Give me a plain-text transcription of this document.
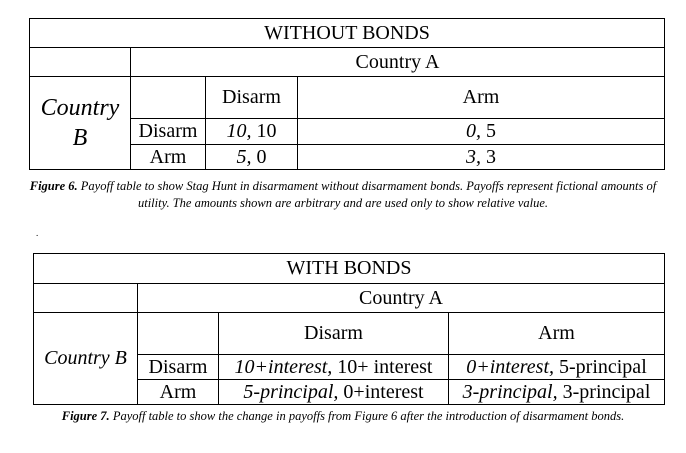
WITHOUT BONDS			
	Country A		

Country
B		Disarm	Arm
	Disarm	10, 10	0, 5
	Arm	5, 0	3, 3
Figure 6. Payoff table to show Stag Hunt in disarmament without disarmament bonds. Payoffs represent fictional amounts of utility. The amounts shown are arbitrary and are used only to show relative value.
.
WITH BONDS			
	Country A		
Country B		Disarm	Arm
	Disarm	10+interest, 10+ interest	0+interest, 5-principal
	Arm	5-principal, 0+interest	3-principal, 3-principal
Figure 7. Payoff table to show the change in payoffs from Figure 6 after the introduction of disarmament bonds.
